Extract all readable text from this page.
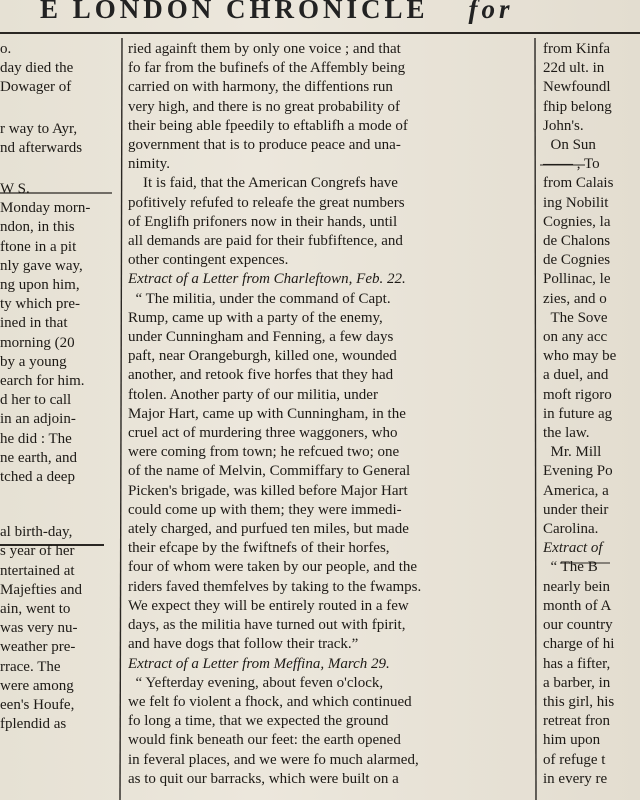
E LONDON CHRONICLE for
o.
day died the
Dowager of
r way to Ayr,
nd afterwards
W S.
Monday morn-
ndon, in this
ftone in a pit
nly gave way,
ng upon him,
ty which pre-
ined in that
morning (20
by a young
earch for him.
d her to call
in an adjoin-
he did : The
ne earth, and
tched a deep
al birth-day,
s year of her
ntertained at
Majefties and
ain, went to
was very nu-
weather pre-
rrace. The
were among
een's Houfe,
fplendid as
ried againft them by only one voice ; and that
fo far from the bufinefs of the Affembly being
carried on with harmony, the diffentions run
very high, and there is no great probability of
their being able fpeedily to eftablifh a mode of
government that is to produce peace and una-
nimity.
It is faid, that the American Congrefs have
pofitively refufed to releafe the great numbers
of Englifh prifoners now in their hands, until
all demands are paid for their fubfiftence, and
other contingent expences.
Extract of a Letter from Charleftown, Feb. 22.
“ The militia, under the command of Capt.
Rump, came up with a party of the enemy,
under Cunningham and Fenning, a few days
paft, near Orangeburgh, killed one, wounded
another, and retook five horfes that they had
ftolen. Another party of our militia, under
Major Hart, came up with Cunningham, in the
cruel act of murdering three waggoners, who
were coming from town; he refcued two; one
of the name of Melvin, Commiffary to General
Picken's brigade, was killed before Major Hart
could come up with them; they were immedi-
ately charged, and purfued ten miles, but made
their efcape by the fwiftnefs of their horfes,
four of whom were taken by our people, and the
riders faved themfelves by taking to the fwamps.
We expect they will be entirely routed in a few
days, as the militia have turned out with fpirit,
and have dogs that follow their track.”
Extract of a Letter from Meffina, March 29.
“ Yefterday evening, about feven o'clock,
we felt fo violent a fhock, and which continued
fo long a time, that we expected the ground
would fink beneath our feet: the earth opened
in feveral places, and we were fo much alarmed,
as to quit our barracks, which were built on a
from Kinfa
22d ult. in
Newfoundl
fhip belong
John's.
On Sun
—— , To
from Calais
ing Nobilit
Cognies, la
de Chalons
de Cognies
Pollinac, le
zies, and o
The Sove
on any acc
who may be
a duel, and
moft rigoro
in future ag
the law.
Mr. Mill
Evening Po
America, a
under their
Carolina.
Extract of
“ The B
nearly bein
month of A
our country
charge of hi
has a fifter,
a barber, in
this girl, his
retreat fron
him upon
of refuge t
in every re
